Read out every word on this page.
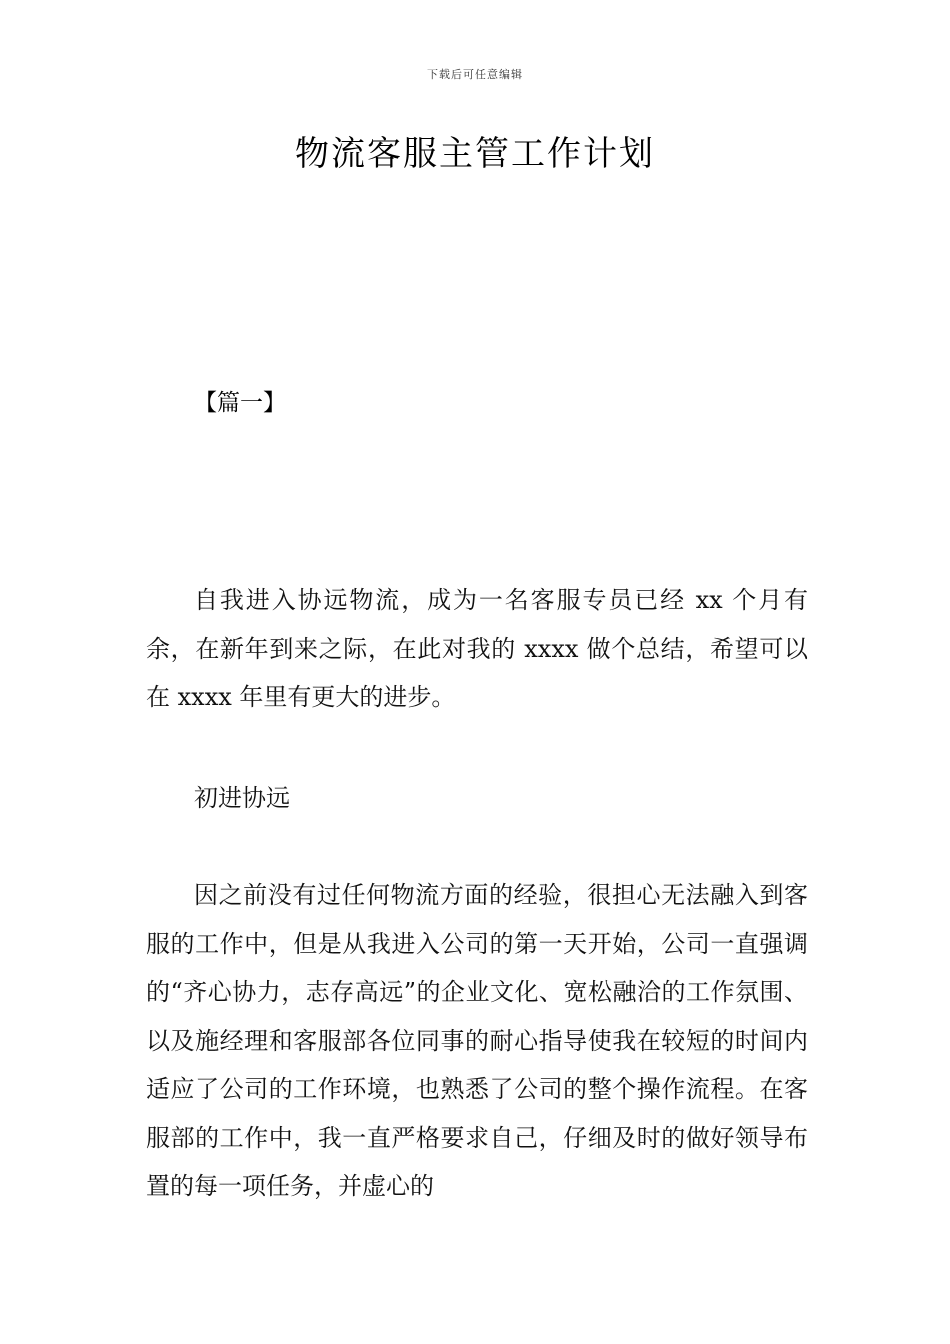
下载后可任意编辑
物流客服主管工作计划

【篇一】

自我进入协远物流，成为一名客服专员已经 xx 个月有余，在新年到来之际，在此对我的 xxxx 做个总结，希望可以在 xxxx 年里有更大的进步。

初进协远

因之前没有过任何物流方面的经验，很担心无法融入到客服的工作中，但是从我进入公司的第一天开始，公司一直强调的“齐心协力，志存高远”的企业文化、宽松融洽的工作氛围、以及施经理和客服部各位同事的耐心指导使我在较短的时间内适应了公司的工作环境，也熟悉了公司的整个操作流程。在客服部的工作中，我一直严格要求自己，仔细及时的做好领导布置的每一项任务，并虚心的
